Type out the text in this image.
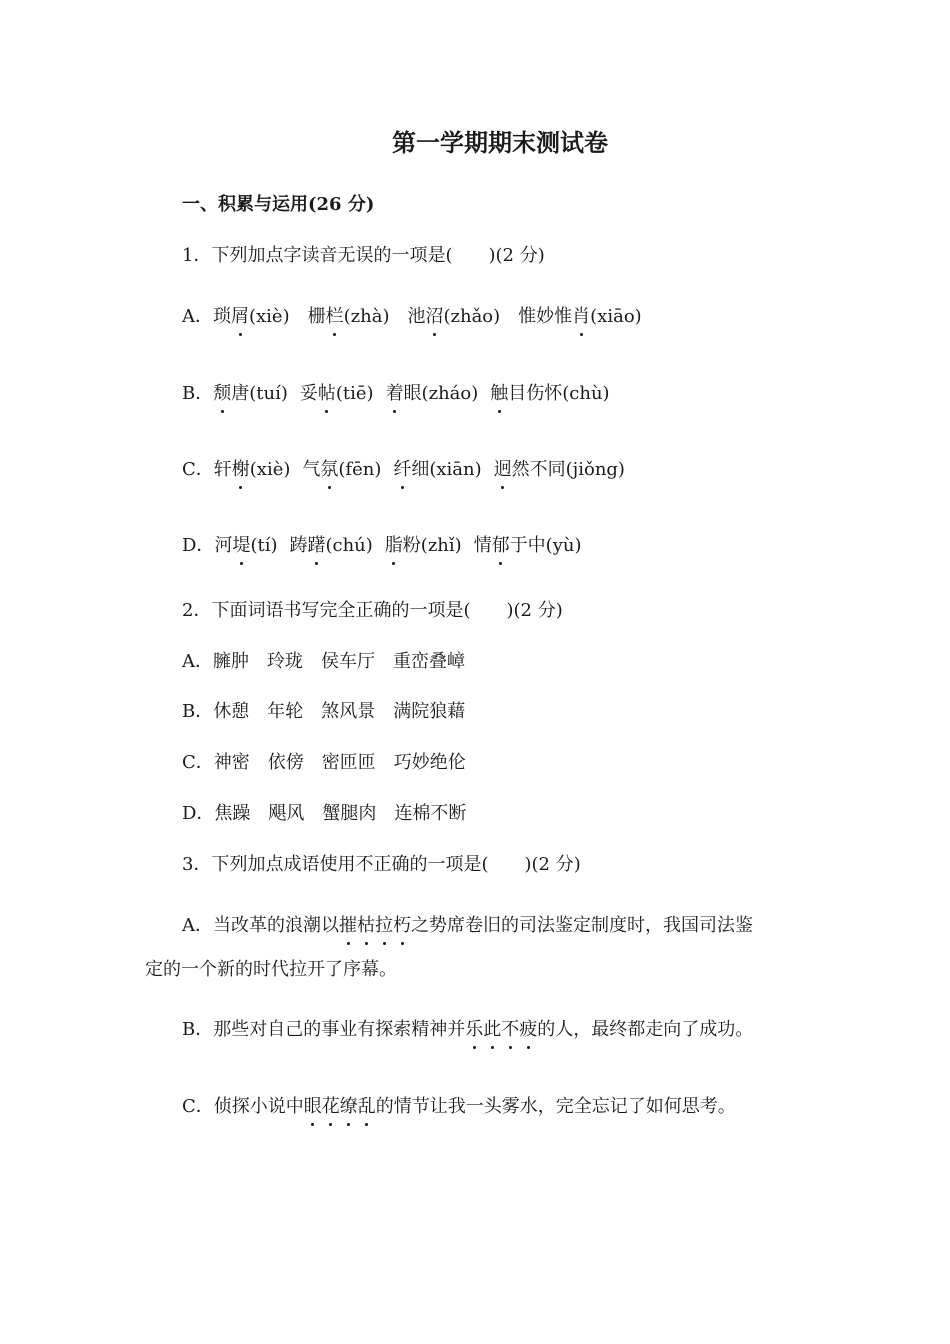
第一学期期末测试卷
一、积累与运用(26 分)
1．下列加点字读音无误的一项是(　　)(2 分)
A．琐屑(xiè) 栅栏(zhà) 池沼(zhǎo) 惟妙惟肖(xiāo)
B．颓唐(tuí) 妥帖(tiē) 着眼(zháo) 触目伤怀(chù)
C．轩榭(xiè) 气氛(fēn) 纤细(xiān) 迥然不同(jiǒng)
D．河堤(tí) 踌躇(chú) 脂粉(zhǐ) 情郁于中(yù)
2．下面词语书写完全正确的一项是(　　)(2 分)
A．臃肿 玲珑 侯车厅 重峦叠嶂
B．休憩 年轮 煞风景 满院狼藉
C．神密 依傍 密匝匝 巧妙绝伦
D．焦躁 飓风 蟹腿肉 连棉不断
3．下列加点成语使用不正确的一项是(　　)(2 分)
A．当改革的浪潮以摧枯拉朽之势席卷旧的司法鉴定制度时，我国司法鉴
定的一个新的时代拉开了序幕。
B．那些对自己的事业有探索精神并乐此不疲的人，最终都走向了成功。
C．侦探小说中眼花缭乱的情节让我一头雾水，完全忘记了如何思考。
